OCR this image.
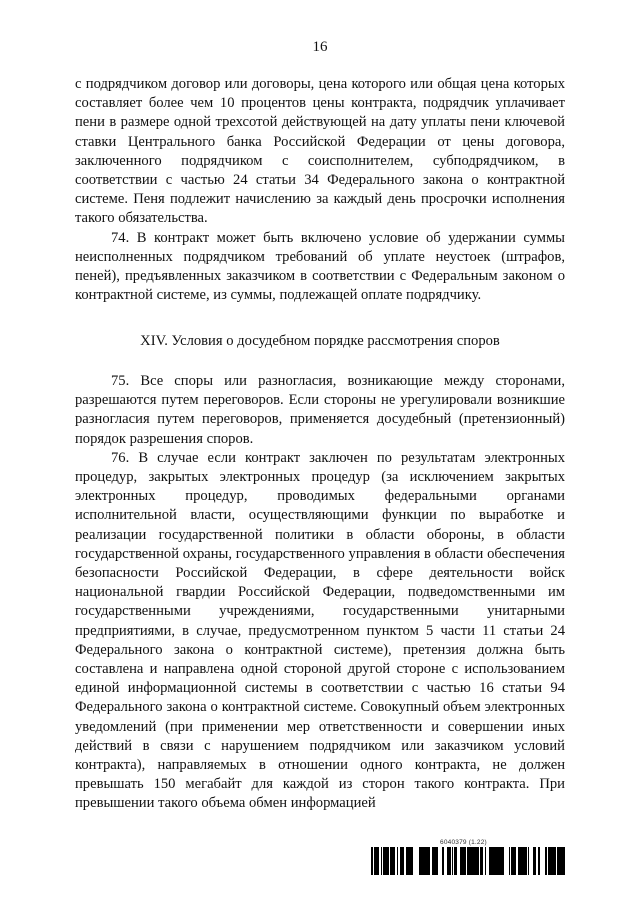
16

с подрядчиком договор или договоры, цена которого или общая цена которых составляет более чем 10 процентов цены контракта, подрядчик уплачивает пени в размере одной трехсотой действующей на дату уплаты пени ключевой ставки Центрального банка Российской Федерации от цены договора, заключенного подрядчиком с соисполнителем, субподрядчиком, в соответствии с частью 24 статьи 34 Федерального закона о контрактной системе. Пеня подлежит начислению за каждый день просрочки исполнения такого обязательства.

74. В контракт может быть включено условие об удержании суммы неисполненных подрядчиком требований об уплате неустоек (штрафов, пеней), предъявленных заказчиком в соответствии с Федеральным законом о контрактной системе, из суммы, подлежащей оплате подрядчику.

XIV. Условия о досудебном порядке рассмотрения споров

75. Все споры или разногласия, возникающие между сторонами, разрешаются путем переговоров. Если стороны не урегулировали возникшие разногласия путем переговоров, применяется досудебный (претензионный) порядок разрешения споров.

76. В случае если контракт заключен по результатам электронных процедур, закрытых электронных процедур (за исключением закрытых электронных процедур, проводимых федеральными органами исполнительной власти, осуществляющими функции по выработке и реализации государственной политики в области обороны, в области государственной охраны, государственного управления в области обеспечения безопасности Российской Федерации, в сфере деятельности войск национальной гвардии Российской Федерации, подведомственными им государственными учреждениями, государственными унитарными предприятиями, в случае, предусмотренном пунктом 5 части 11 статьи 24 Федерального закона о контрактной системе), претензия должна быть составлена и направлена одной стороной другой стороне с использованием единой информационной системы в соответствии с частью 16 статьи 94 Федерального закона о контрактной системе. Совокупный объем электронных уведомлений (при применении мер ответственности и совершении иных действий в связи с нарушением подрядчиком или заказчиком условий контракта), направляемых в отношении одного контракта, не должен превышать 150 мегабайт для каждой из сторон такого контракта. При превышении такого объема обмен информацией

6040379 (1.22)
